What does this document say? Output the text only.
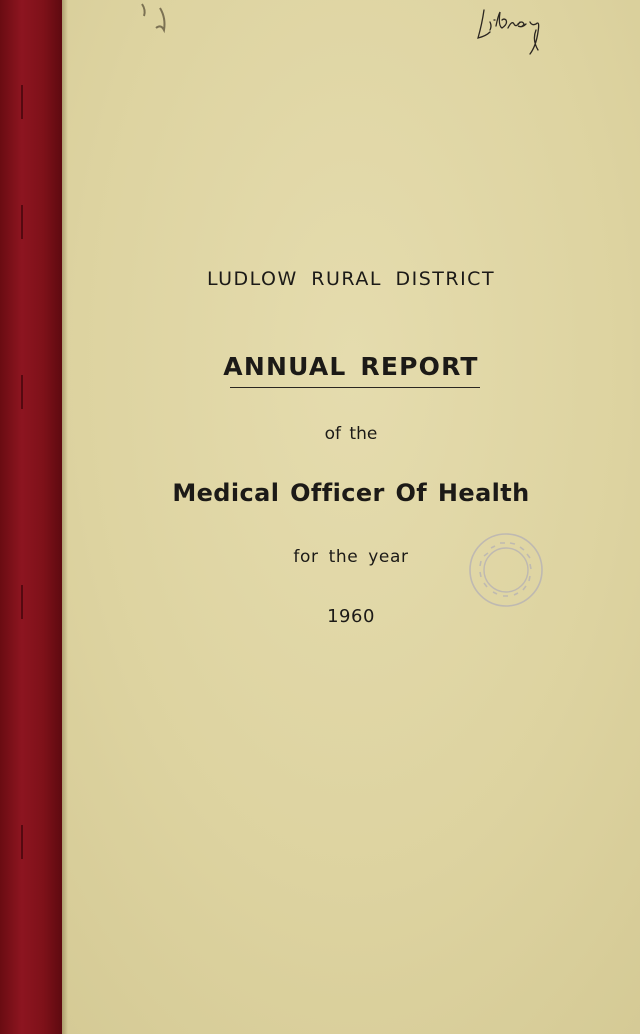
LUDLOW RURAL DISTRICT
ANNUAL REPORT
of the
Medical Officer Of Health
for the year
1960
